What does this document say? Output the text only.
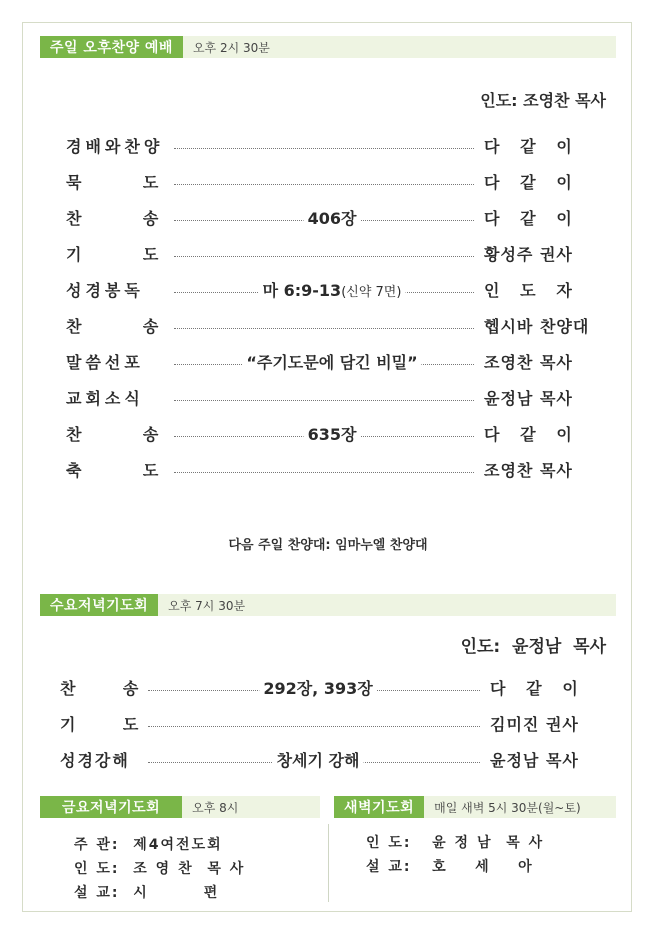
주일 오후찬양 예배	오후 2시 30분
인도: 조영찬 목사
경배와찬양	다   같   이
묵      도	다   같   이
찬      송	406장	다   같   이
기      도	황성주 권사
성경봉독	마 6:9-13(신약 7면)	인   도   자
찬      송	헵시바 찬양대
말씀선포	“주기도문에 담긴 비밀”	조영찬 목사
교회소식	윤정남 목사
찬      송	635장	다   같   이
축      도	조영찬 목사
다음 주일 찬양대: 임마누엘 찬양대
수요저녁기도회	오후 7시 30분
인도:  윤정남  목사
찬      송	292장, 393장	다   같   이
기      도	김미진 권사
성경강해	창세기 강해	윤정남 목사
금요저녁기도회	오후 8시
주 관:  제4여전도회
인 도:  조 영 찬  목 사
설 교:  시        편
새벽기도회	매일 새벽 5시 30분(월~토)
인 도:   윤 정 남  목 사
설 교:   호    세    아
